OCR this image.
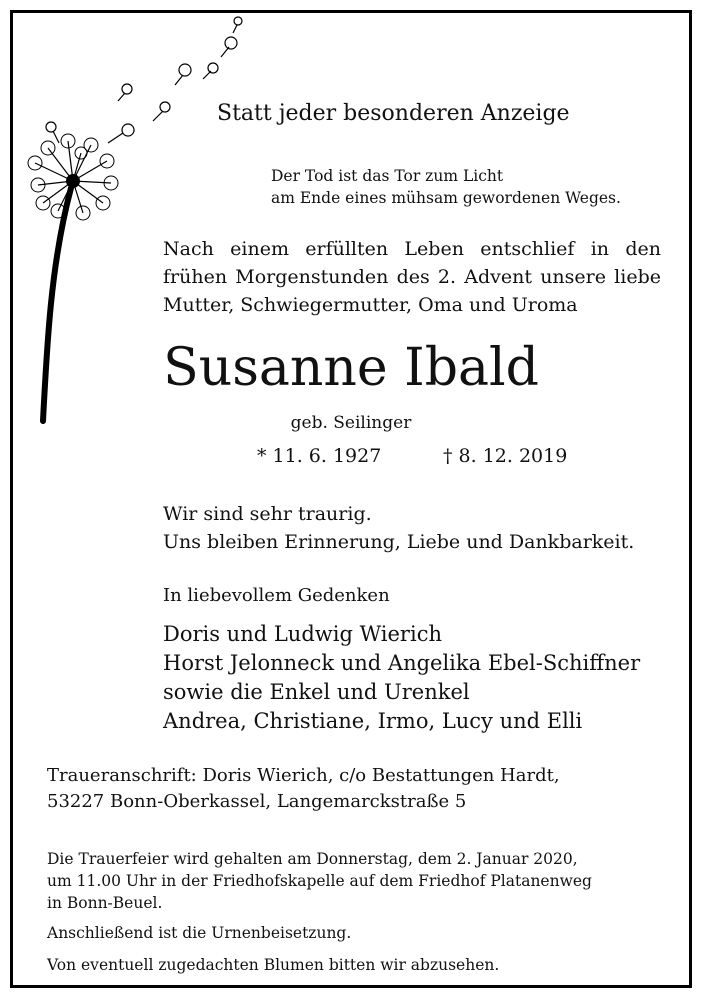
Statt jeder besonderen Anzeige
Der Tod ist das Tor zum Licht
am Ende eines mühsam gewordenen Weges.
Nach einem erfüllten Leben entschlief in den
frühen Morgenstunden des 2. Advent unsere liebe
Mutter, Schwiegermutter, Oma und Uroma
Susanne Ibald
geb. Seilinger
* 11. 6. 1927	† 8. 12. 2019
Wir sind sehr traurig.
Uns bleiben Erinnerung, Liebe und Dankbarkeit.
In liebevollem Gedenken
Doris und Ludwig Wierich
Horst Jelonneck und Angelika Ebel-Schiffner
sowie die Enkel und Urenkel
Andrea, Christiane, Irmo, Lucy und Elli
Traueranschrift: Doris Wierich, c/o Bestattungen Hardt,
53227 Bonn-Oberkassel, Langemarckstraße 5
Die Trauerfeier wird gehalten am Donnerstag, dem 2. Januar 2020,
um 11.00 Uhr in der Friedhofskapelle auf dem Friedhof Platanenweg
in Bonn-Beuel.
Anschließend ist die Urnenbeisetzung.
Von eventuell zugedachten Blumen bitten wir abzusehen.
